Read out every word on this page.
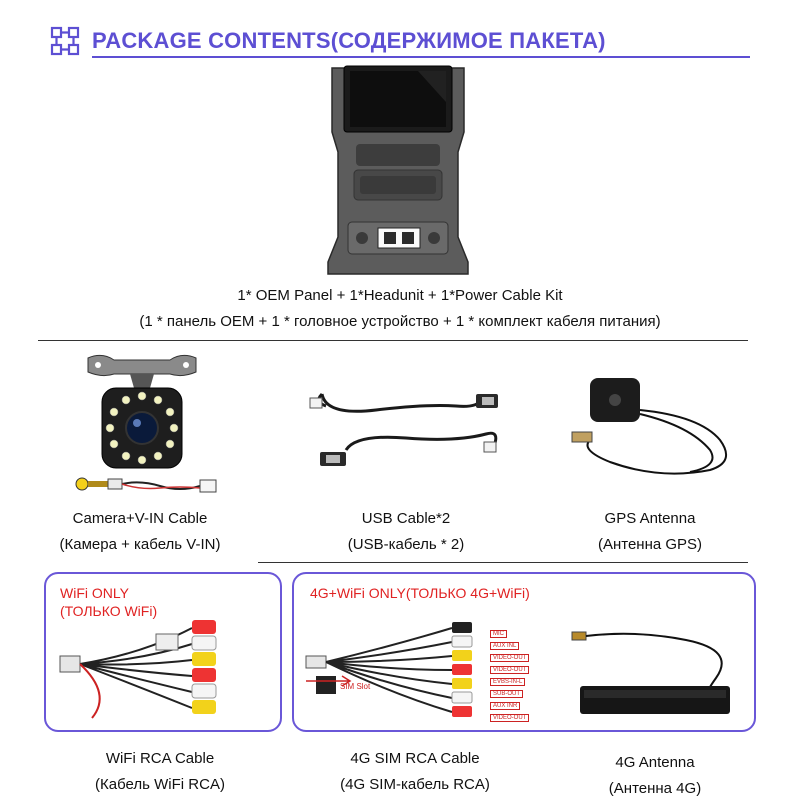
PACKAGE CONTENTS(СОДЕРЖИМОЕ ПАКЕТА)
1* OEM Panel + 1*Headunit + 1*Power Cable Kit
(1 * панель OEM + 1 * головное устройство + 1 * комплект кабеля питания)
Camera+V-IN Cable
(Камера + кабель V-IN)
USB Cable*2
(USB-кабель * 2)
GPS Antenna
(Антенна GPS)
WiFi ONLY
(ТОЛЬКО WiFi)
WiFi RCA Cable
(Кабель WiFi RCA)
4G+WiFi ONLY(ТОЛЬКО 4G+WiFi)
MIC
AUX INL
VIDEO-OUT
VIDEO-OUT
EVBS-IN-L
SUB-OUT
AUX INR
VIDEO-OUT
SIM Slot
4G SIM RCA Cable
(4G SIM-кабель RCA)
4G Antenna
(Антенна 4G)
